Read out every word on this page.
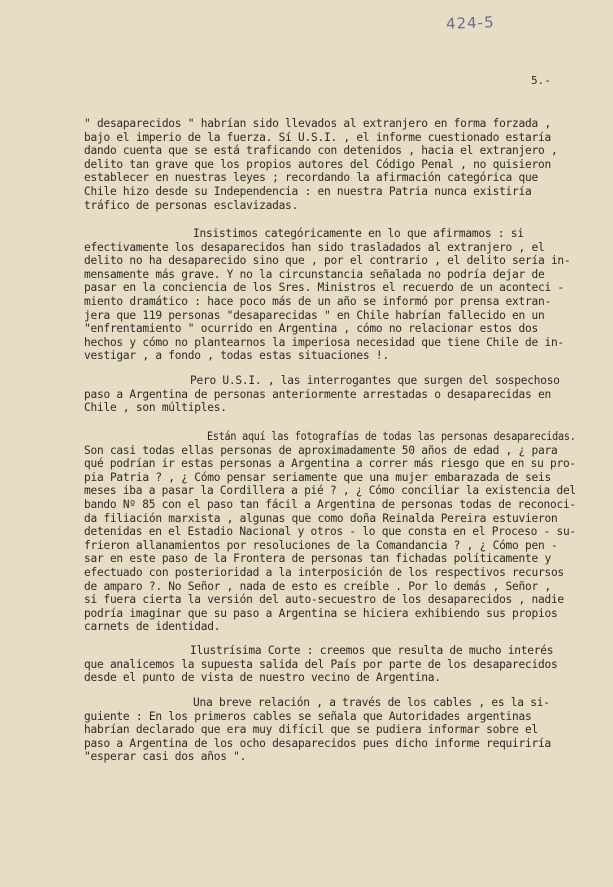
424-5
5.-
" desaparecidos " habrían sido llevados al extranjero en forma forzada ,
bajo el imperio de la fuerza. Sí U.S.I. , el informe cuestionado estaría
dando cuenta que se está traficando con detenidos , hacia el extranjero ,
delito tan grave que los propios autores del Código Penal , no quisieron
establecer en nuestras leyes ; recordando la afirmación categórica que
Chile hizo desde su Independencia : en nuestra Patria nunca existiría
tráfico de personas esclavizadas.
Insistimos categóricamente en lo que afirmamos : si
efectivamente los desaparecidos han sido trasladados al extranjero , el
delito no ha desaparecido sino que , por el contrario , el delito sería in-
mensamente más grave. Y no la circunstancia señalada no podría dejar de
pasar en la conciencia de los Sres. Ministros el recuerdo de un aconteci -
miento dramático : hace poco más de un año se informó por prensa extran-
jera que 119 personas "desaparecidas " en Chile habrían fallecido en un
"enfrentamiento " ocurrido en Argentina , cómo no relacionar estos dos
hechos y cómo no plantearnos la imperiosa necesidad que tiene Chile de in-
vestigar , a fondo , todas estas situaciones !.
Pero U.S.I. , las interrogantes que surgen del sospechoso
paso a Argentina de personas anteriormente arrestadas o desaparecidas en
Chile , son múltiples.
Están aquí las fotografías de todas las personas desaparecidas.
Son casi todas ellas personas de aproximadamente 50 años de edad , ¿ para
qué podrían ir estas personas a Argentina a correr más riesgo que en su pro-
pia Patria ? , ¿ Cómo pensar seriamente que una mujer embarazada de seis
meses iba a pasar la Cordillera a pié ? , ¿ Cómo conciliar la existencia del
bando Nº 85 con el paso tan fácil a Argentina de personas todas de reconoci-
da filiación marxista , algunas que como doña Reinalda Pereira estuvieron
detenidas en el Estadio Nacional y otros - lo que consta en el Proceso - su-
frieron allanamientos por resoluciones de la Comandancia ? , ¿ Cómo pen -
sar en este paso de la Frontera de personas tan fichadas políticamente y
efectuado con posterioridad a la interposición de los respectivos recursos
de amparo ?. No Señor , nada de esto es creíble . Por lo demás , Señor ,
si fuera cierta la versión del auto-secuestro de los desaparecidos , nadie
podría imaginar que su paso a Argentina se hiciera exhibiendo sus propios
carnets de identidad.
Ilustrísima Corte : creemos que resulta de mucho interés
que analicemos la supuesta salida del País por parte de los desaparecidos
desde el punto de vista de nuestro vecino de Argentina.
Una breve relación , a través de los cables , es la si-
guiente : En los primeros cables se señala que Autoridades argentinas
habrían declarado que era muy difícil que se pudiera informar sobre el
paso a Argentina de los ocho desaparecidos pues dicho informe requiriría
"esperar casi dos años ".
